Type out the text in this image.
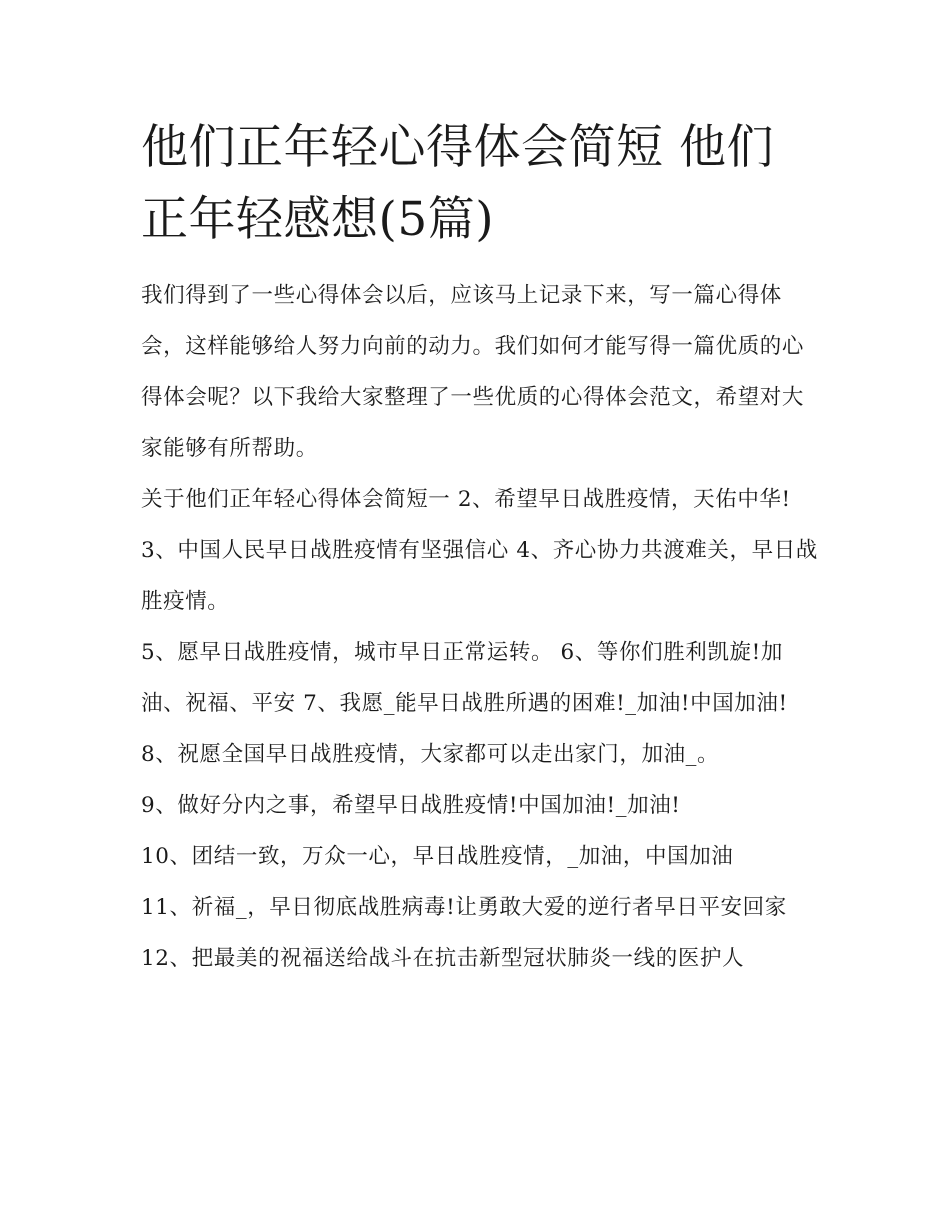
他们正年轻心得体会简短 他们正年轻感想(5篇)

我们得到了一些心得体会以后，应该马上记录下来，写一篇心得体会，这样能够给人努力向前的动力。我们如何才能写得一篇优质的心得体会呢？以下我给大家整理了一些优质的心得体会范文，希望对大家能够有所帮助。

关于他们正年轻心得体会简短一 2、希望早日战胜疫情，天佑中华! 3、中国人民早日战胜疫情有坚强信心 4、齐心协力共渡难关，早日战胜疫情。

5、愿早日战胜疫情，城市早日正常运转。 6、等你们胜利凯旋!加油、祝福、平安 7、我愿_能早日战胜所遇的困难!_加油!中国加油!

8、祝愿全国早日战胜疫情，大家都可以走出家门，加油_。

9、做好分内之事，希望早日战胜疫情!中国加油!_加油!

10、团结一致，万众一心，早日战胜疫情，_加油，中国加油

11、祈福_，早日彻底战胜病毒!让勇敢大爱的逆行者早日平安回家

12、把最美的祝福送给战斗在抗击新型冠状肺炎一线的医护人
